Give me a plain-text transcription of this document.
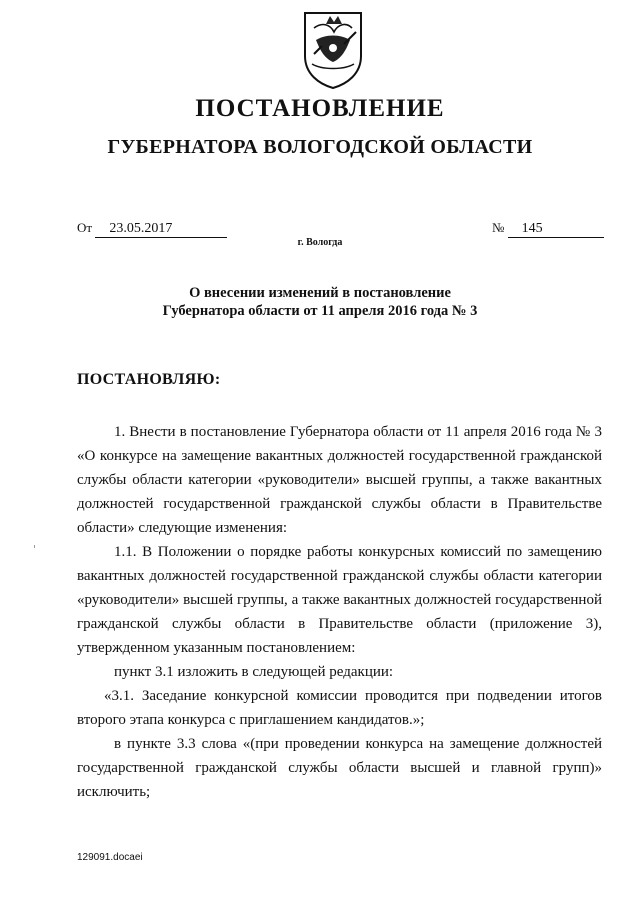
ПОСТАНОВЛЕНИЕ
ГУБЕРНАТОРА ВОЛОГОДСКОЙ ОБЛАСТИ
От 23.05.2017	№ 145
г. Вологда
О внесении изменений в постановление
Губернатора области от 11 апреля 2016 года № 3
ПОСТАНОВЛЯЮ:

1. Внести в постановление Губернатора области от 11 апреля 2016 года № 3 «О конкурсе на замещение вакантных должностей государственной гражданской службы области категории «руководители» высшей группы, а также вакантных должностей государственной гражданской службы области в Правительстве области» следующие изменения:

1.1. В Положении о порядке работы конкурсных комиссий по замещению вакантных должностей государственной гражданской службы области категории «руководители» высшей группы, а также вакантных должностей государственной гражданской службы области в Правительстве области (приложение 3), утвержденном указанным постановлением:

пункт 3.1 изложить в следующей редакции:

«3.1. Заседание конкурсной комиссии проводится при подведении итогов второго этапа конкурса с приглашением кандидатов.»;

в пункте 3.3 слова «(при проведении конкурса на замещение должностей государственной гражданской службы области высшей и главной групп)» исключить;

129091.docaei
